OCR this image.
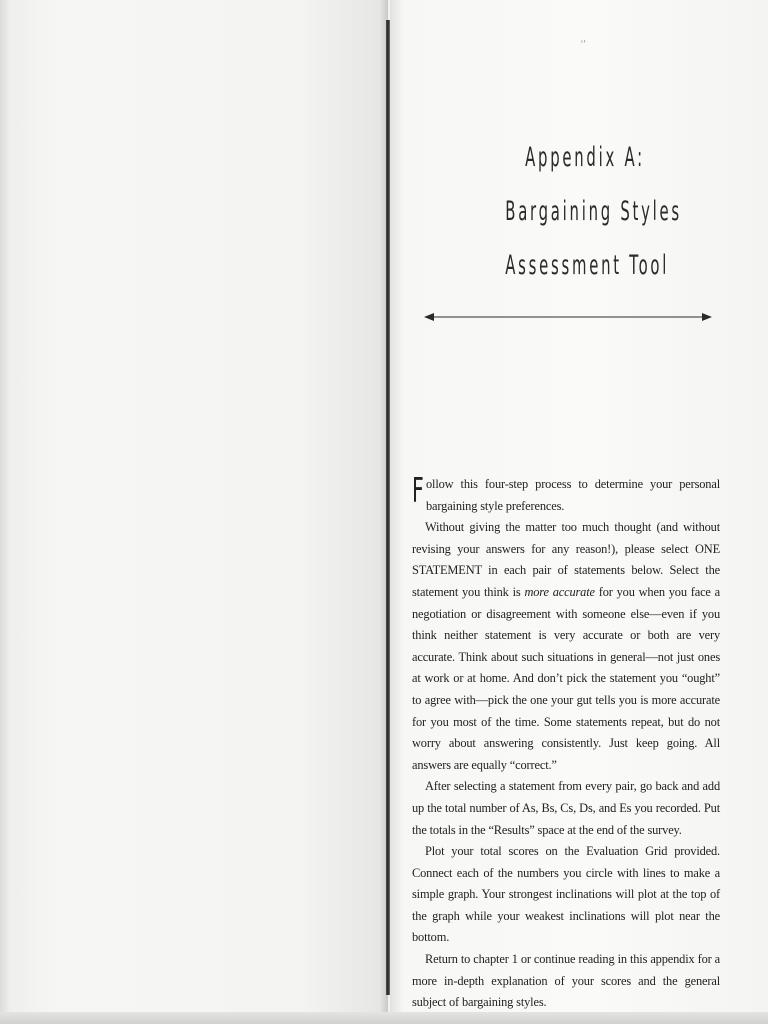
ʹʼ
Appendix A:
Bargaining Styles
Assessment Tool

Follow this four-step process to determine your personal bargaining style preferences.

Without giving the matter too much thought (and without revising your answers for any reason!), please select ONE STATEMENT in each pair of statements below. Select the statement you think is more accurate for you when you face a negotiation or disagreement with someone else—even if you think neither statement is very accurate or both are very accurate. Think about such situations in general—not just ones at work or at home. And don’t pick the statement you “ought” to agree with—pick the one your gut tells you is more accurate for you most of the time. Some statements repeat, but do not worry about answering consistently. Just keep going. All answers are equally “correct.”

After selecting a statement from every pair, go back and add up the total number of As, Bs, Cs, Ds, and Es you recorded. Put the totals in the “Results” space at the end of the survey.

Plot your total scores on the Evaluation Grid provided. Connect each of the numbers you circle with lines to make a simple graph. Your strongest inclinations will plot at the top of the graph while your weakest inclinations will plot near the bottom.

Return to chapter 1 or continue reading in this appendix for a more in-depth explanation of your scores and the general subject of bargaining styles.
